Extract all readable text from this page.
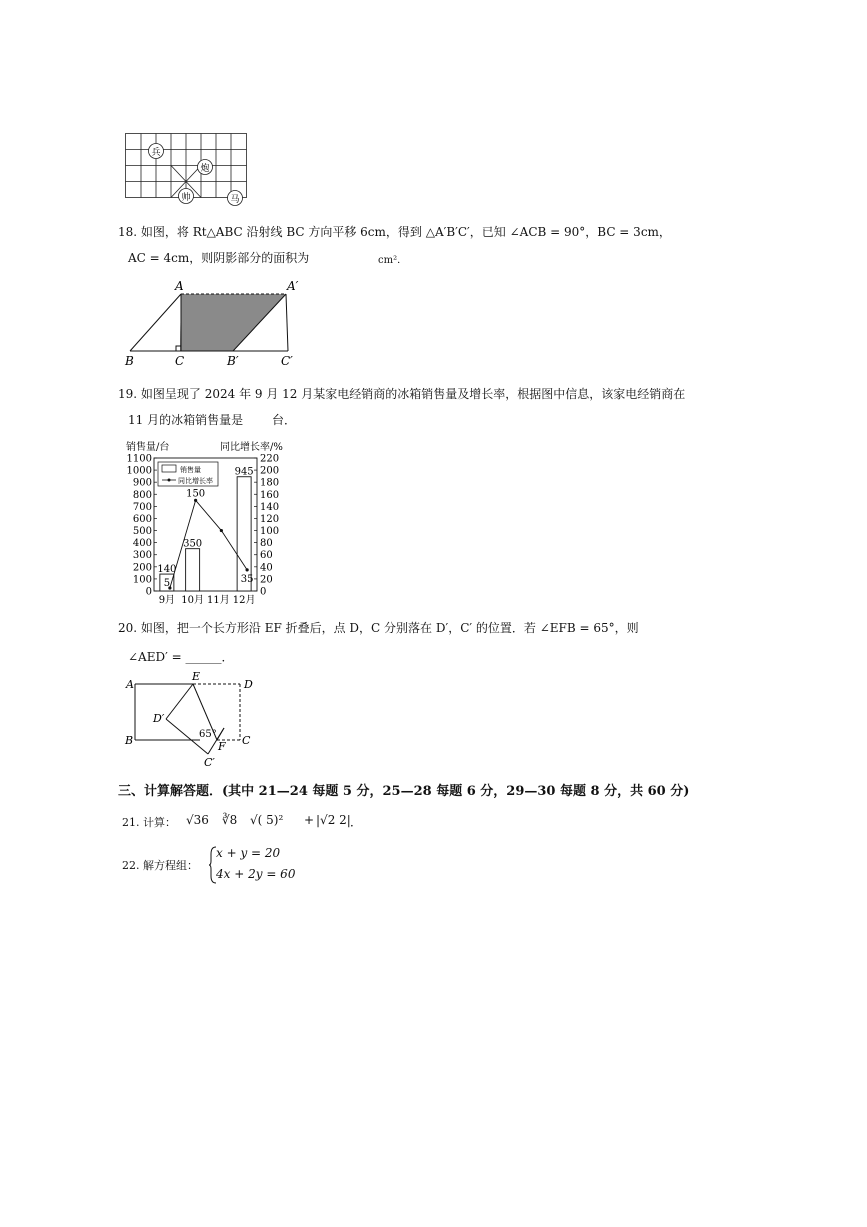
兵
炮
帅	马
18. 如图，将 Rt△ABC 沿射线 BC 方向平移 6cm，得到 △A′B′C′，已知 ∠ACB = 90°，BC = 3cm，
AC = 4cm，则阴影部分的面积为	cm²．
A	A′
B	C	B′	C′
19. 如图呈现了 2024 年 9 月 12 月某家电经销商的冰箱销售量及增长率，根据图中信息，该家电经销商在
11 月的冰箱销售量是 台．
销售量/台	同比增长率/%
销售量
同比增长率
0
100
200
300
400
500
600
700
800
900
1000
1100
0
20
40
60
80
100
120
140
160
180
200
220
9月 10月 11月 12月
140
350
945
5
150
35
20. 如图，把一个长方形沿 EF 折叠后，点 D，C 分别落在 D′，C′ 的位置．若 ∠EFB = 65°，则
∠AED′ = ______．
A
E
D
D′
B	F C
C′
65°
三、计算解答题．(其中 21—24 每题 5 分，25—28 每题 6 分，29—30 每题 8 分，共 60 分)
21. 计算： √36 ∛8 √( 5)² + |√2 2| ．
22. 解方程组：
x + y = 20
4x + 2y = 60
